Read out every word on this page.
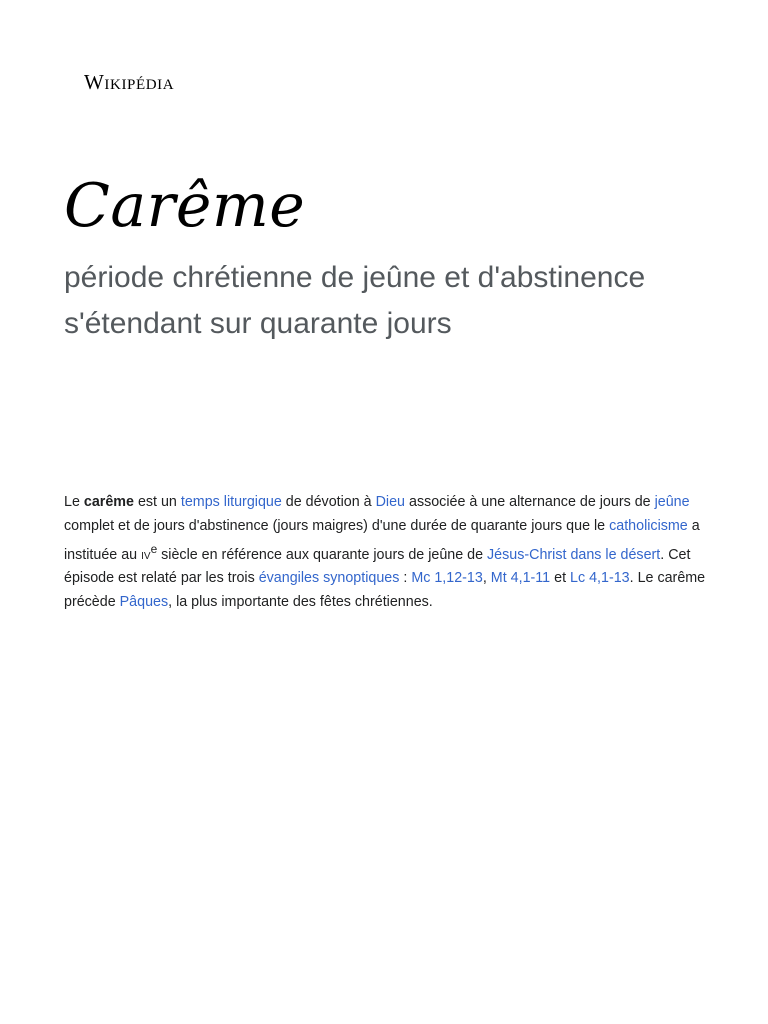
Wikipédia
Carême

période chrétienne de jeûne et d'abstinence s'étendant sur quarante jours

Le carême est un temps liturgique de dévotion à Dieu associée à une alternance de jours de jeûne complet et de jours d'abstinence (jours maigres) d'une durée de quarante jours que le catholicisme a instituée au $iv^e$ siècle en référence aux quarante jours de jeûne de Jésus-Christ dans le désert. Cet épisode est relaté par les trois évangiles synoptiques : Mc 1,12-13, Mt 4,1-11 et Lc 4,1-13. Le carême précède Pâques, la plus importante des fêtes chrétiennes.
